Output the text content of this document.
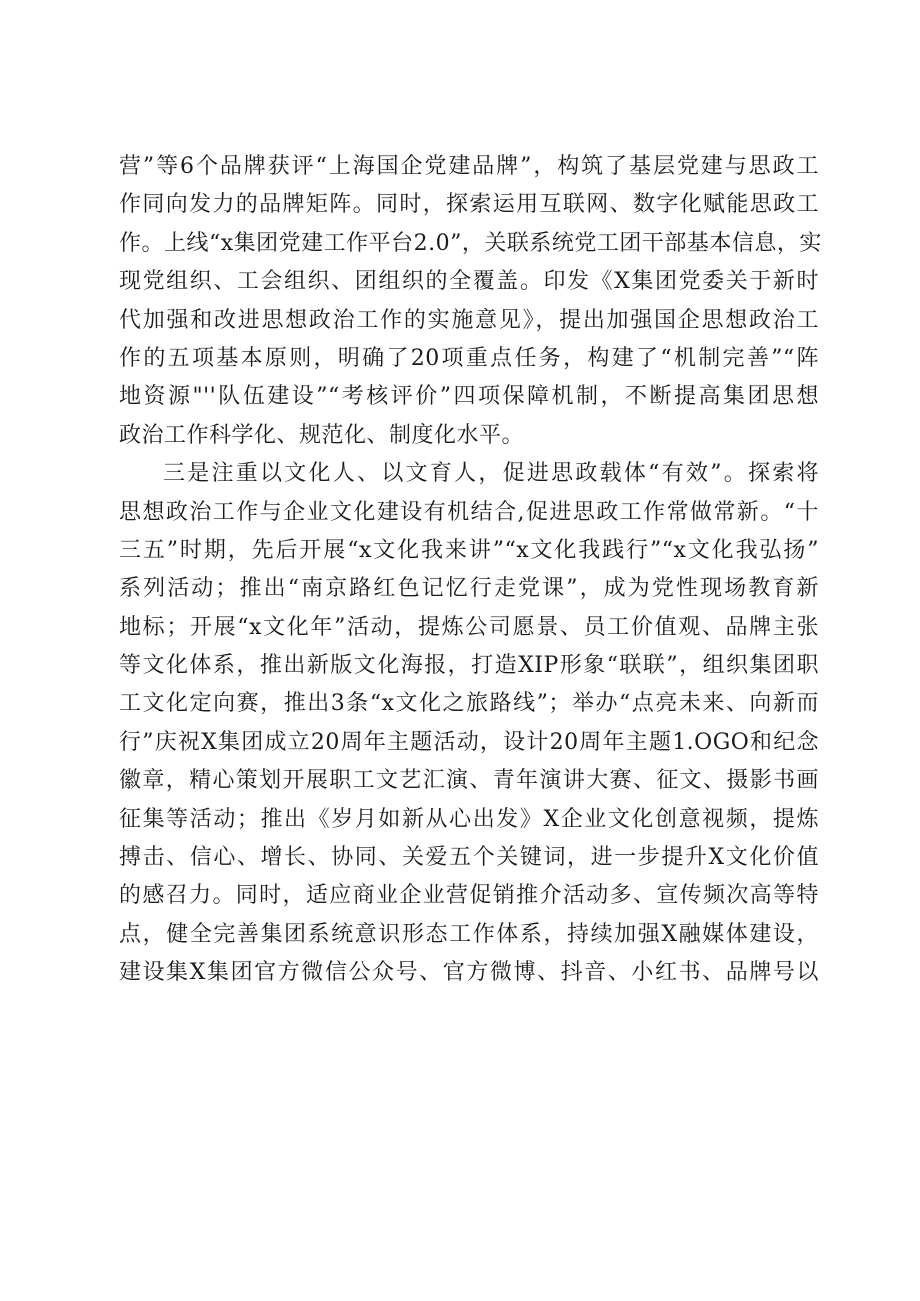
营”等6个品牌获评“上海国企党建品牌”，构筑了基层党建与思政工
作同向发力的品牌矩阵。同时，探索运用互联网、数字化赋能思政工
作。上线“x集团党建工作平台2.0”，关联系统党工团干部基本信息，实
现党组织、工会组织、团组织的全覆盖。印发《X集团党委关于新时
代加强和改进思想政治工作的实施意见》，提出加强国企思想政治工
作的五项基本原则，明确了20项重点任务，构建了“机制完善”“阵
地资源"''队伍建设”“考核评价”四项保障机制，不断提高集团思想
政治工作科学化、规范化、制度化水平。
三是注重以文化人、以文育人，促进思政载体“有效”。探索将
思想政治工作与企业文化建设有机结合,促进思政工作常做常新。“十
三五”时期，先后开展“x文化我来讲”“x文化我践行”“x文化我弘扬”
系列活动；推出“南京路红色记忆行走党课”，成为党性现场教育新
地标；开展“x文化年”活动，提炼公司愿景、员工价值观、品牌主张
等文化体系，推出新版文化海报，打造XIP形象“联联”，组织集团职
工文化定向赛，推出3条“x文化之旅路线”；举办“点亮未来、向新而
行”庆祝X集团成立20周年主题活动，设计20周年主题1.OGO和纪念
徽章，精心策划开展职工文艺汇演、青年演讲大赛、征文、摄影书画
征集等活动；推出《岁月如新从心出发》X企业文化创意视频，提炼
搏击、信心、增长、协同、关爱五个关键词，进一步提升X文化价值
的感召力。同时，适应商业企业营促销推介活动多、宣传频次高等特
点，健全完善集团系统意识形态工作体系，持续加强X融媒体建设，
建设集X集团官方微信公众号、官方微博、抖音、小红书、品牌号以
